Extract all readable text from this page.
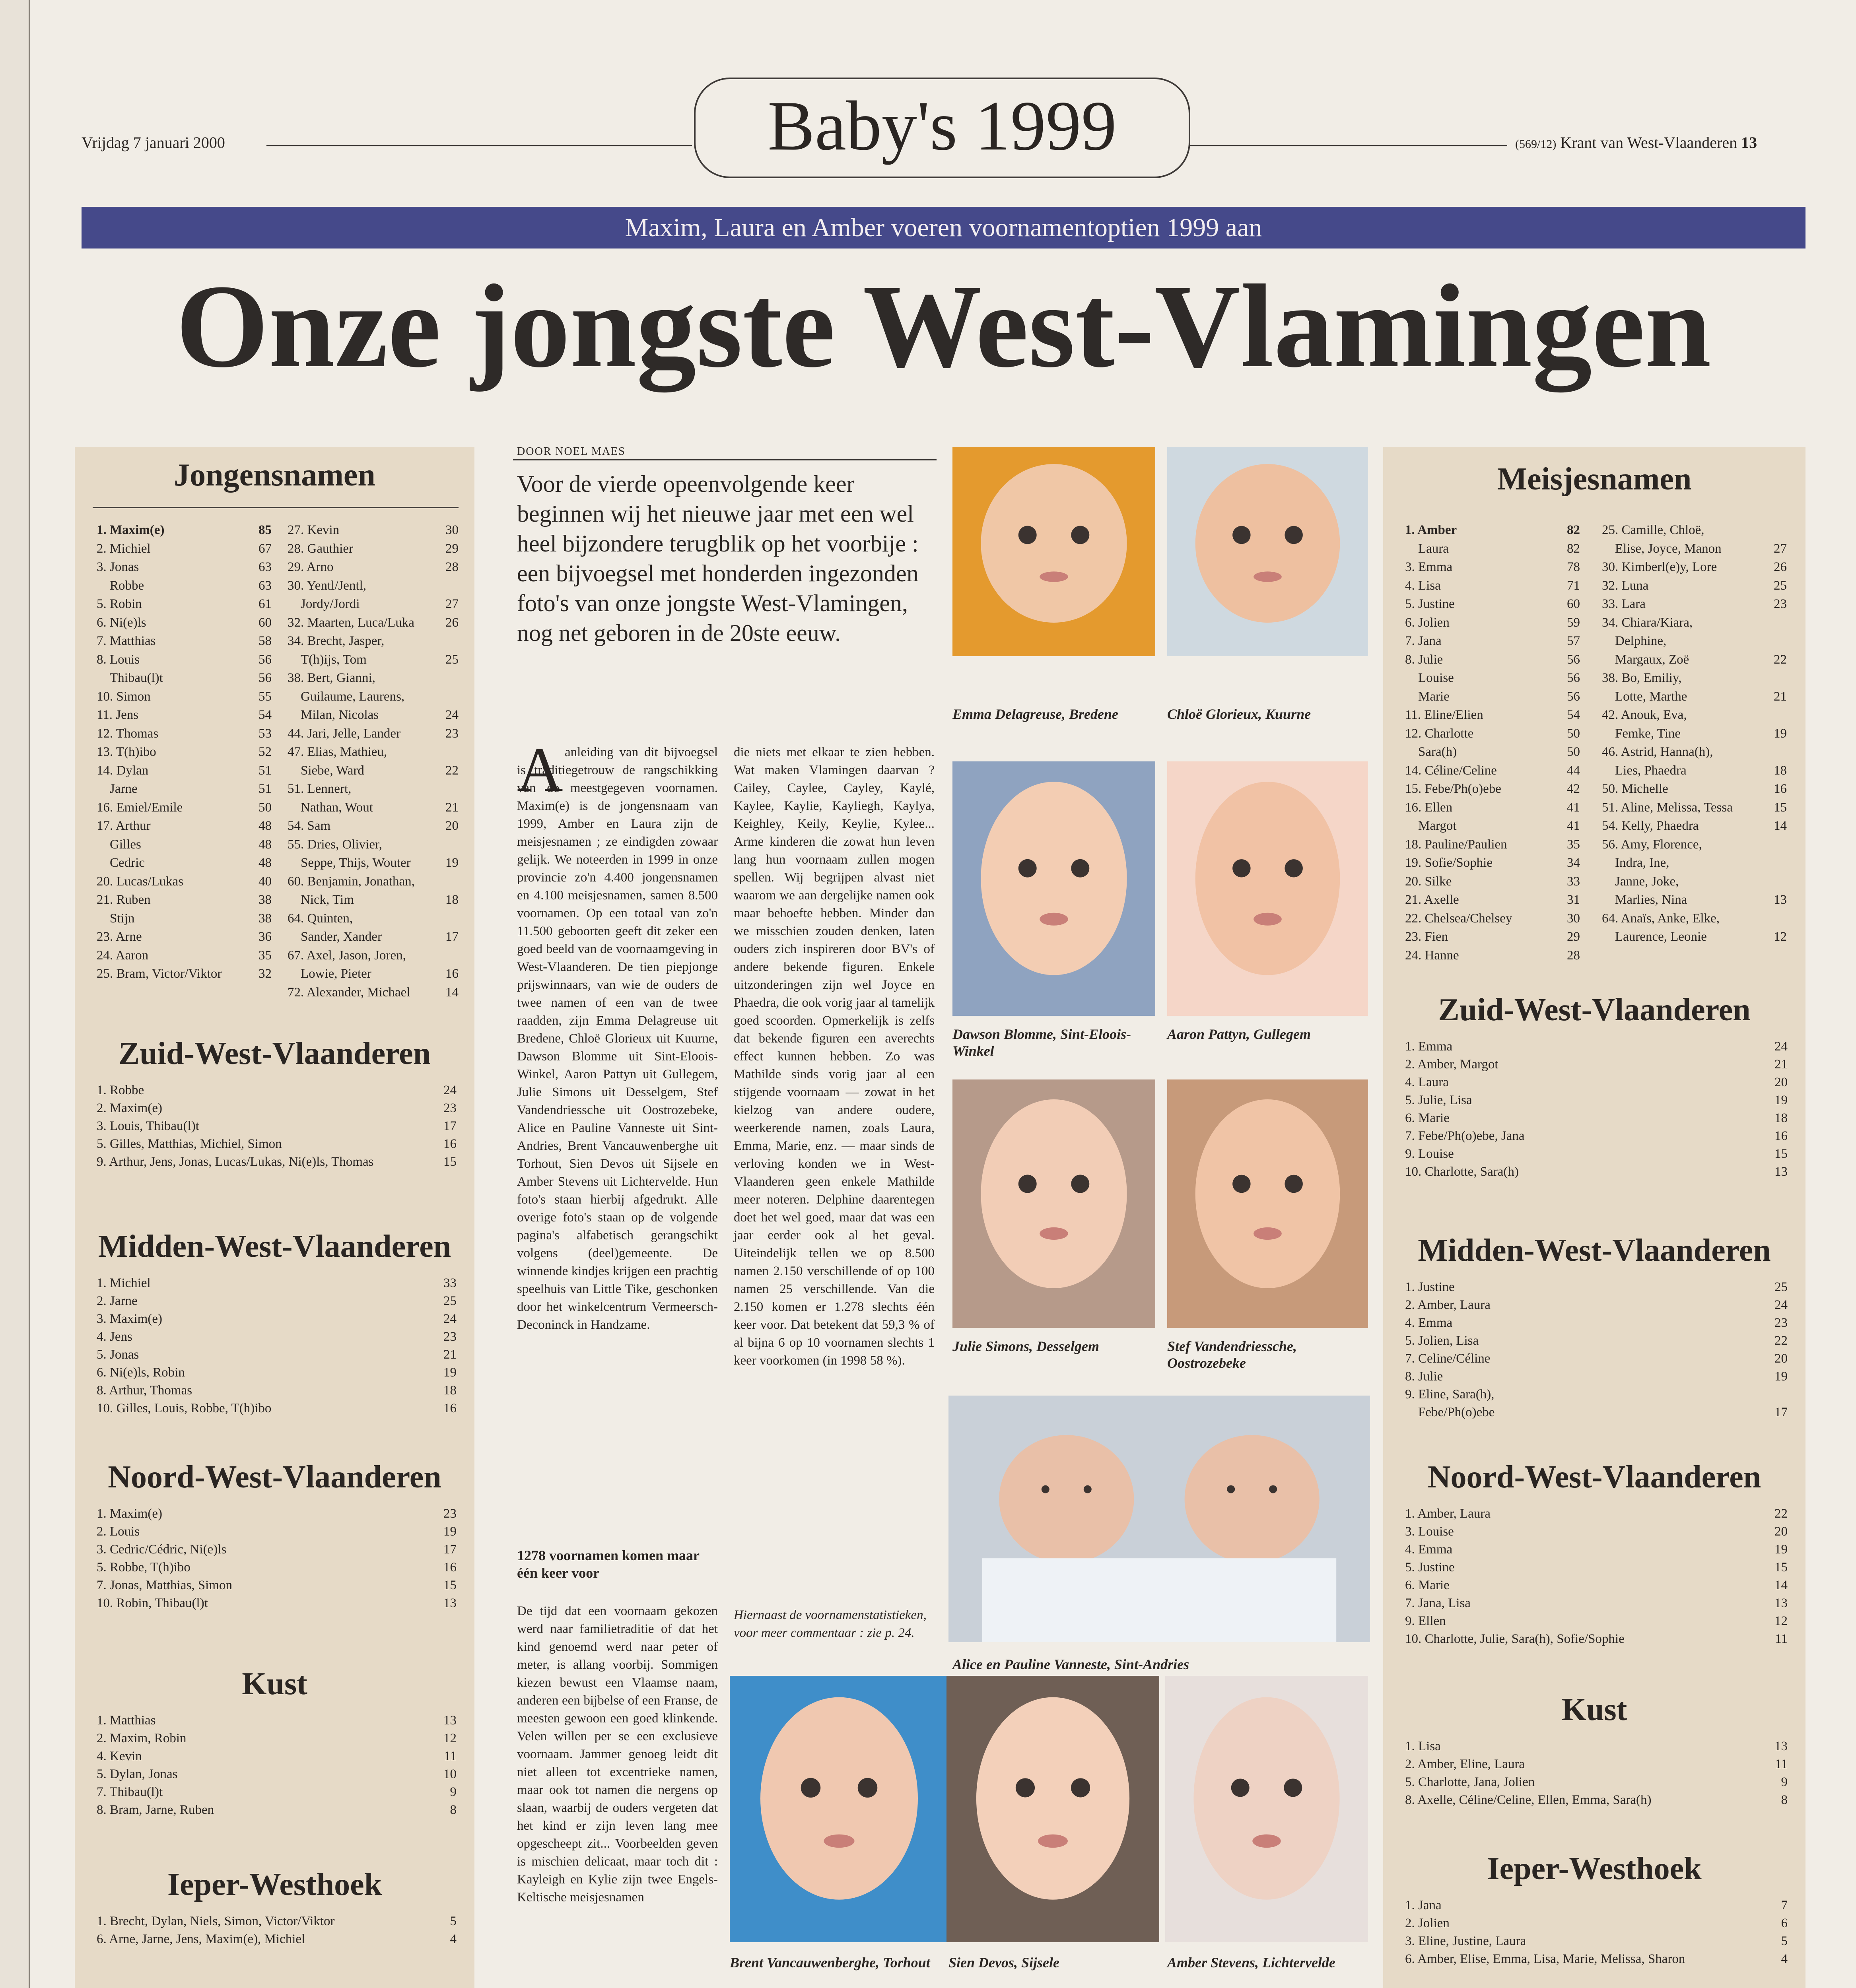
Vrijdag 7 januari 2000	Baby's 1999	(569/12) Krant van West-Vlaanderen 13
Maxim, Laura en Amber voeren voornamentoptien 1999 aan
Onze jongste West-Vlamingen
Jongensnamen
1. Maxim(e)	85
2. Michiel	67
3. Jonas	63
Robbe	63
5. Robin	61
6. Ni(e)ls	60
7. Matthias	58
8. Louis	56
Thibau(l)t	56
10. Simon	55
11. Jens	54
12. Thomas	53
13. T(h)ibo	52
14. Dylan	51
Jarne	51
16. Emiel/Emile	50
17. Arthur	48
Gilles	48
Cedric	48
20. Lucas/Lukas	40
21. Ruben	38
Stijn	38
23. Arne	36
24. Aaron	35
25. Bram, Victor/Viktor	32
27. Kevin	30
28. Gauthier	29
29. Arno	28
30. Yentl/Jentl,
Jordy/Jordi	27
32. Maarten, Luca/Luka 26
34. Brecht, Jasper,
T(h)ijs, Tom	25
38. Bert, Gianni,
Guilaume, Laurens,
Milan, Nicolas	24
44. Jari, Jelle, Lander	23
47. Elias, Mathieu,
Siebe, Ward	22
51. Lennert,
Nathan, Wout	21
54. Sam	20
55. Dries, Olivier,
Seppe, Thijs, Wouter	19
60. Benjamin, Jonathan,
Nick, Tim	18
64. Quinten,
Sander, Xander	17
67. Axel, Jason, Joren,
Lowie, Pieter	16
72. Alexander, Michael	14
Zuid-West-Vlaanderen
1. Robbe	24
2. Maxim(e)	23
3. Louis, Thibau(l)t	17
5. Gilles, Matthias, Michiel, Simon	16
9. Arthur, Jens, Jonas, Lucas/Lukas, Ni(e)ls, Thomas	15
Midden-West-Vlaanderen
1. Michiel	33
2. Jarne	25
3. Maxim(e)	24
4. Jens	23
5. Jonas	21
6. Ni(e)ls, Robin	19
8. Arthur, Thomas	18
10. Gilles, Louis, Robbe, T(h)ibo	16
Noord-West-Vlaanderen
1. Maxim(e)	23
2. Louis	19
3. Cedric/Cédric, Ni(e)ls	17
5. Robbe, T(h)ibo	16
7. Jonas, Matthias, Simon	15
10. Robin, Thibau(l)t	13
Kust
1. Matthias	13
2. Maxim, Robin	12
4. Kevin	11
5. Dylan, Jonas	10
7. Thibau(l)t	9
8. Bram, Jarne, Ruben	8
Ieper-Westhoek
1. Brecht, Dylan, Niels, Simon, Victor/Viktor	5
6. Arne, Jarne, Jens, Maxim(e), Michiel	4
Meisjesnamen
1. Amber	82
Laura	82
3. Emma	78
4. Lisa	71
5. Justine	60
6. Jolien	59
7. Jana	57
8. Julie	56
Louise	56
Marie	56
11. Eline/Elien	54
12. Charlotte	50
Sara(h)	50
14. Céline/Celine	44
15. Febe/Ph(o)ebe	42
16. Ellen	41
Margot	41
18. Pauline/Paulien	35
19. Sofie/Sophie	34
20. Silke	33
21. Axelle	31
22. Chelsea/Chelsey	30
23. Fien	29
24. Hanne	28
25. Camille, Chloë,
Elise, Joyce, Manon	27
30. Kimberl(e)y, Lore	26
32. Luna	25
33. Lara	23
34. Chiara/Kiara,
Delphine,
Margaux, Zoë	22
38. Bo, Emiliy,
Lotte, Marthe	21
42. Anouk, Eva,
Femke, Tine	19
46. Astrid, Hanna(h),
Lies, Phaedra	18
50. Michelle	16
51. Aline, Melissa, Tessa	15
54. Kelly, Phaedra	14
56. Amy, Florence,
Indra, Ine,
Janne, Joke,
Marlies, Nina	13
64. Anaïs, Anke, Elke,
Laurence, Leonie	12
Zuid-West-Vlaanderen
1. Emma	24
2. Amber, Margot	21
4. Laura	20
5. Julie, Lisa	19
6. Marie	18
7. Febe/Ph(o)ebe, Jana	16
9. Louise	15
10. Charlotte, Sara(h)	13
Midden-West-Vlaanderen
1. Justine	25
2. Amber, Laura	24
4. Emma	23
5. Jolien, Lisa	22
7. Celine/Céline	20
8. Julie	19
9. Eline, Sara(h),
Febe/Ph(o)ebe	17
Noord-West-Vlaanderen
1. Amber, Laura	22
3. Louise	20
4. Emma	19
5. Justine	15
6. Marie	14
7. Jana, Lisa	13
9. Ellen	12
10. Charlotte, Julie, Sara(h), Sofie/Sophie	11
Kust
1. Lisa	13
2. Amber, Eline, Laura	11
5. Charlotte, Jana, Jolien	9
8. Axelle, Céline/Celine, Ellen, Emma, Sara(h)	8
Ieper-Westhoek
1. Jana	7
2. Jolien	6
3. Eline, Justine, Laura	5
6. Amber, Elise, Emma, Lisa, Marie, Melissa, Sharon	4
DOOR NOEL MAES
Voor de vierde opeenvolgende keer beginnen wij het nieuwe jaar met een wel heel bijzondere terugblik op het voorbije : een bijvoegsel met honderden ingezonden foto's van onze jongste West-Vlamingen, nog net geboren in de 20ste eeuw.
A anleiding van dit bijvoegsel is traditiegetrouw de rangschikking van de meestgegeven voornamen. Maxim(e) is de jongensnaam van 1999, Amber en Laura zijn de meisjesnamen ; ze eindigden zowaar gelijk. We noteerden in 1999 in onze provincie zo'n 4.400 jongensnamen en 4.100 meisjesnamen, samen 8.500 voornamen. Op een totaal van zo'n 11.500 geboorten geeft dit zeker een goed beeld van de voornaamgeving in West-Vlaanderen. De tien piepjonge prijswinnaars, van wie de ouders de twee namen of een van de twee raadden, zijn Emma Delagreuse uit Bredene, Chloë Glorieux uit Kuurne, Dawson Blomme uit Sint-Eloois-Winkel, Aaron Pattyn uit Gullegem, Julie Simons uit Desselgem, Stef Vandendriessche uit Oostrozebeke, Alice en Pauline Vanneste uit Sint-Andries, Brent Vancauwenberghe uit Torhout, Sien Devos uit Sijsele en Amber Stevens uit Lichtervelde. Hun foto's staan hierbij afgedrukt. Alle overige foto's staan op de volgende pagina's alfabetisch gerangschikt volgens (deel)gemeente. De winnende kindjes krijgen een prachtig speelhuis van Little Tike, geschonken door het winkelcentrum Vermeersch-Deconinck in Handzame.
1278 voornamen komen maar één keer voor
De tijd dat een voornaam gekozen werd naar familietraditie of dat het kind genoemd werd naar peter of meter, is allang voorbij. Sommigen kiezen bewust een Vlaamse naam, anderen een bijbelse of een Franse, de meesten gewoon een goed klinkende. Velen willen per se een exclusieve voornaam. Jammer genoeg leidt dit niet alleen tot excentrieke namen, maar ook tot namen die nergens op slaan, waarbij de ouders vergeten dat het kind er zijn leven lang mee opgescheept zit... Voorbeelden geven is mischien delicaat, maar toch dit : Kayleigh en Kylie zijn twee Engels-Keltische meisjesnamen
die niets met elkaar te zien hebben. Wat maken Vlamingen daarvan ? Cailey, Caylee, Cayley, Kaylé, Kaylee, Kaylie, Kayliegh, Kaylya, Keighley, Keily, Keylie, Kylee... Arme kinderen die zowat hun leven lang hun voornaam zullen mogen spellen. Wij begrijpen alvast niet waarom we aan dergelijke namen ook maar behoefte hebben. Minder dan we misschien zouden denken, laten ouders zich inspireren door BV's of andere bekende figuren. Enkele uitzonderingen zijn wel Joyce en Phaedra, die ook vorig jaar al tamelijk goed scoorden. Opmerkelijk is zelfs dat bekende figuren een averechts effect kunnen hebben. Zo was Mathilde sinds vorig jaar al een stijgende voornaam — zowat in het kielzog van andere oudere, weerkerende namen, zoals Laura, Emma, Marie, enz. — maar sinds de verloving konden we in West-Vlaanderen geen enkele Mathilde meer noteren. Delphine daarentegen doet het wel goed, maar dat was een jaar eerder ook al het geval. Uiteindelijk tellen we op 8.500 namen 2.150 verschillende of op 100 namen 25 verschillende. Van die 2.150 komen er 1.278 slechts één keer voor. Dat betekent dat 59,3 % of al bijna 6 op 10 voornamen slechts 1 keer voorkomen (in 1998 58 %).
Hiernaast de voornamenstatistieken, voor meer commentaar : zie p. 24.
Emma Delagreuse, Bredene	Chloë Glorieux, Kuurne
Dawson Blomme, Sint-Eloois-Winkel
Aaron Pattyn, Gullegem
Julie Simons, Desselgem	Stef Vandendriessche, Oostrozebeke
Alice en Pauline Vanneste, Sint-Andries
Brent Vancauwenberghe, Torhout	Sien Devos, Sijsele	Amber Stevens, Lichtervelde
